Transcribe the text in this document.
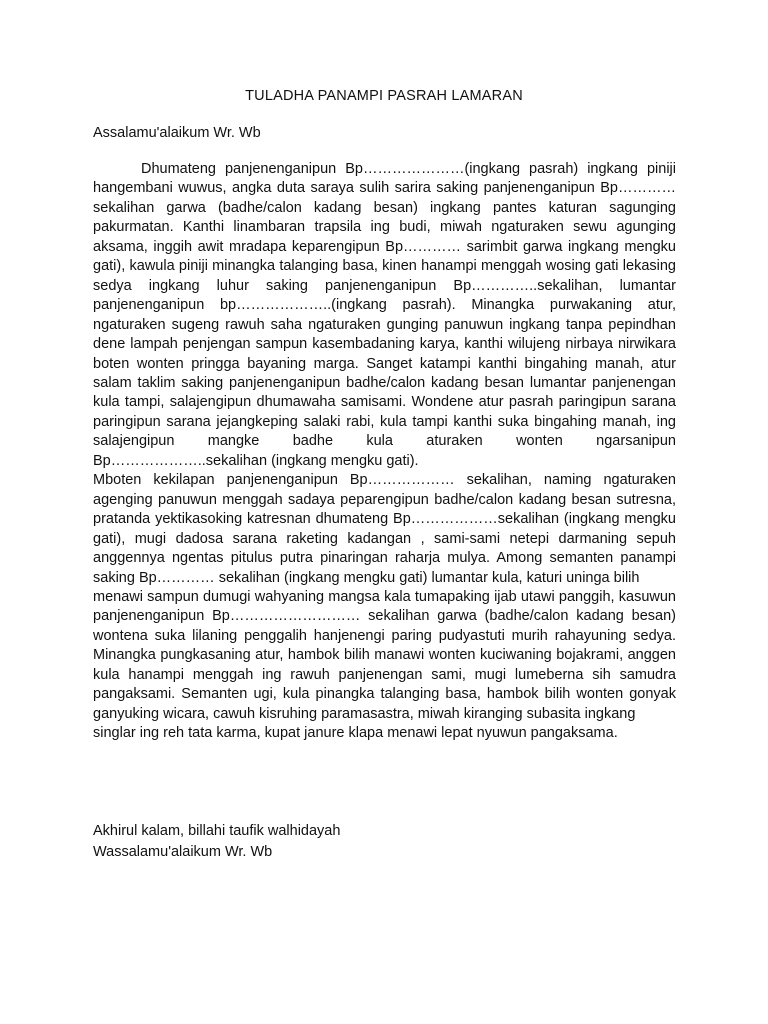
TULADHA PANAMPI PASRAH LAMARAN
Assalamu'alaikum Wr. Wb

Dhumateng panjenenganipun Bp…………………(ingkang pasrah) ingkang piniji hangembani wuwus, angka duta saraya sulih sarira saking panjenenganipun Bp………… sekalihan garwa (badhe/calon kadang besan) ingkang pantes katuran sagunging pakurmatan. Kanthi linambaran trapsila ing budi, miwah ngaturaken sewu agunging aksama, inggih awit mradapa keparengipun Bp………… sarimbit garwa ingkang mengku gati), kawula piniji minangka talanging basa, kinen hanampi menggah wosing gati lekasing sedya ingkang luhur saking panjenenganipun Bp…………..sekalihan, lumantar panjenenganipun bp………………..(ingkang pasrah). Minangka purwakaning atur, ngaturaken sugeng rawuh saha ngaturaken gunging panuwun ingkang tanpa pepindhan dene lampah penjengan sampun kasembadaning karya, kanthi wilujeng nirbaya nirwikara boten wonten pringga bayaning marga. Sanget katampi kanthi bingahing manah, atur salam taklim saking panjenenganipun badhe/calon kadang besan lumantar panjenengan kula tampi, salajengipun dhumawaha samisami. Wondene atur pasrah paringipun sarana paringipun sarana jejangkeping salaki rabi, kula tampi kanthi suka bingahing manah, ing salajengipun mangke badhe kula aturaken wonten ngarsanipun Bp………………..sekalihan (ingkang mengku gati).

Mboten kekilapan panjenenganipun Bp……………… sekalihan, naming ngaturaken agenging panuwun menggah sadaya peparengipun badhe/calon kadang besan sutresna, pratanda yektikasoking katresnan dhumateng Bp………………sekalihan (ingkang mengku gati), mugi dadosa sarana raketing kadangan , sami-sami netepi darmaning sepuh anggennya ngentas pitulus putra pinaringan raharja mulya. Among semanten panampi saking Bp………… sekalihan (ingkang mengku gati) lumantar kula, katuri uninga bilih

menawi sampun dumugi wahyaning mangsa kala tumapaking ijab utawi panggih, kasuwun panjenenganipun Bp……………………… sekalihan garwa (badhe/calon kadang besan) wontena suka lilaning penggalih hanjenengi paring pudyastuti murih rahayuning sedya. Minangka pungkasaning atur, hambok bilih manawi wonten kuciwaning bojakrami, anggen kula hanampi menggah ing rawuh panjenengan sami, mugi lumeberna sih samudra pangaksami. Semanten ugi, kula pinangka talanging basa, hambok bilih wonten gonyak ganyuking wicara, cawuh kisruhing paramasastra, miwah kiranging subasita ingkang

singlar ing reh tata karma, kupat janure klapa menawi lepat nyuwun pangaksama.

Akhirul kalam, billahi taufik walhidayah
Wassalamu'alaikum Wr. Wb
